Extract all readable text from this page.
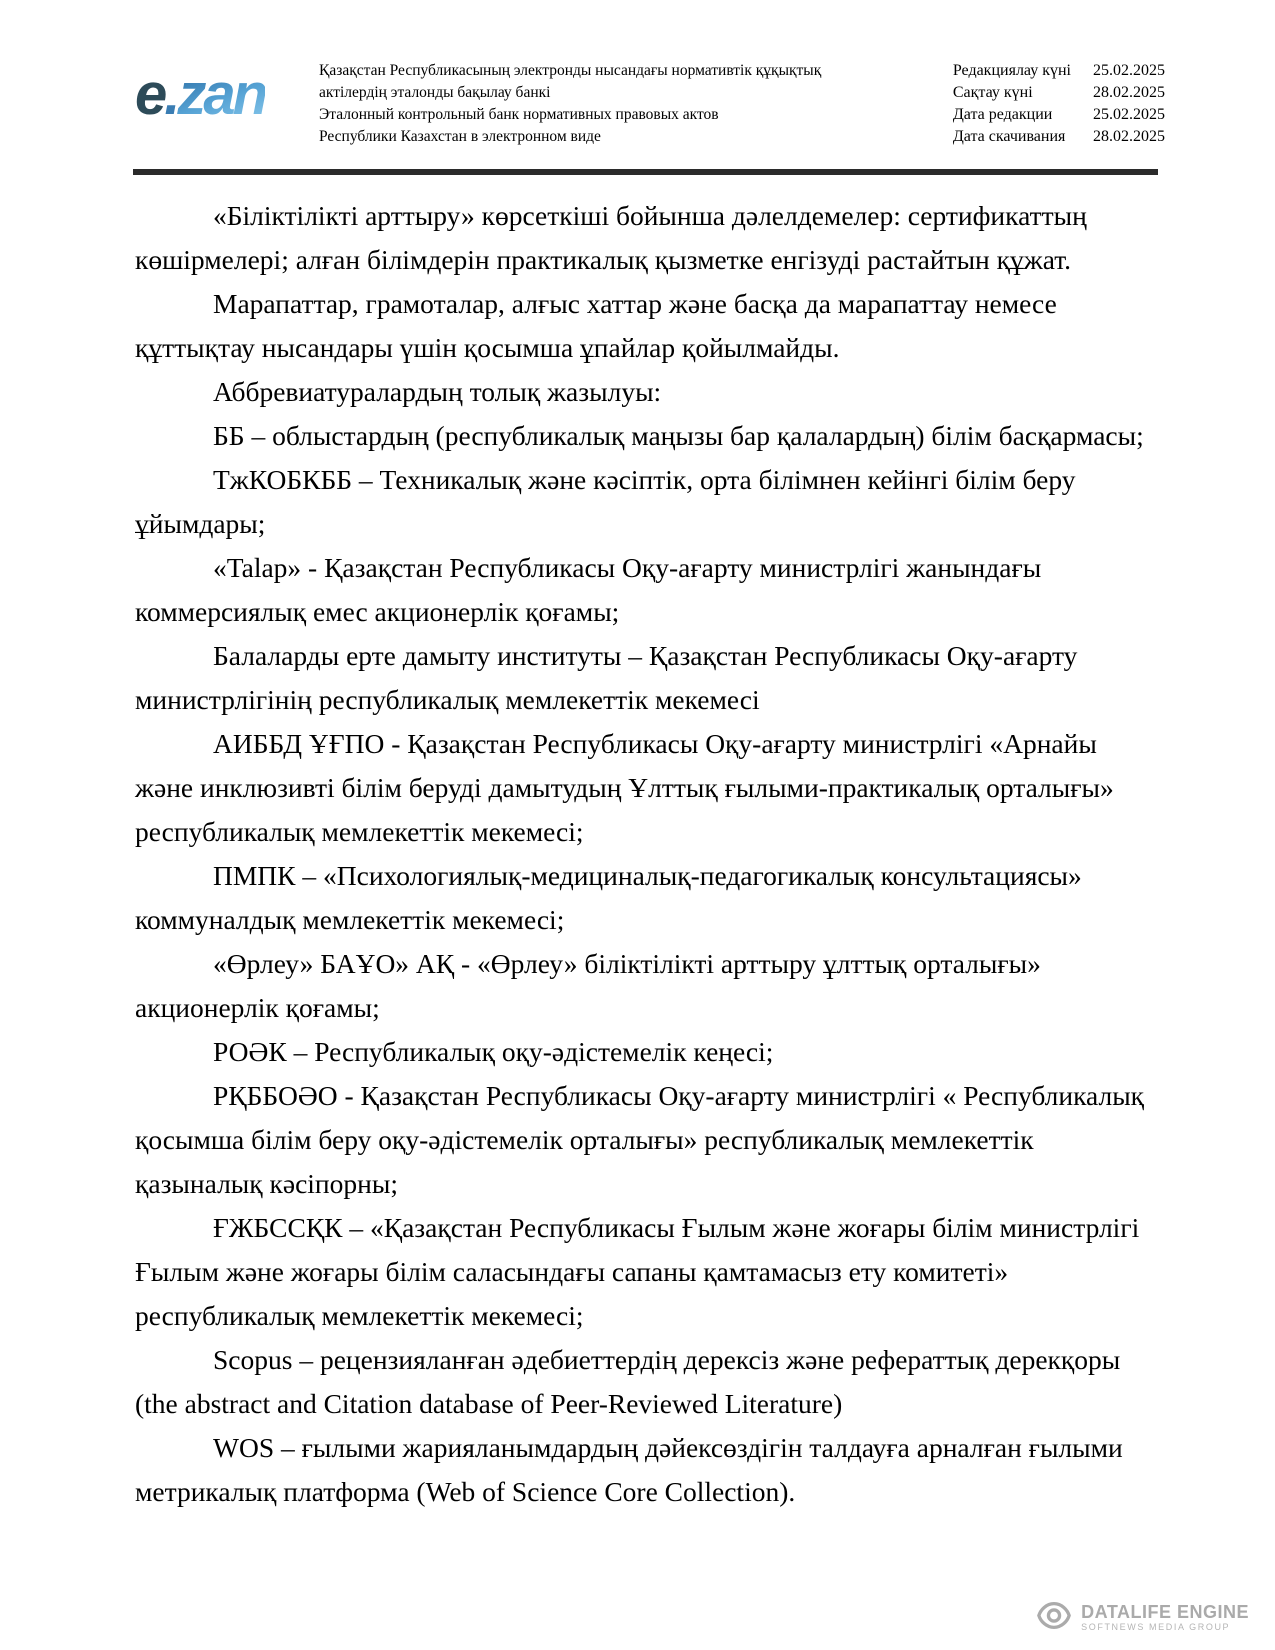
e.zan	Қазақстан Республикасының электронды нысандағы нормативтік құқықтық
актілердің эталонды бақылау банкі
Эталонный контрольный банк нормативных правовых актов
Республики Казахстан в электронном виде
Редакциялау күні 25.02.2025
Сақтау күні	28.02.2025
Дата редакции	25.02.2025
Дата скачивания	28.02.2025

«Біліктілікті арттыру» көрсеткіші бойынша дәлелдемелер: сертификаттың көшірмелері; алған білімдерін практикалық қызметке енгізуді растайтын құжат.

Марапаттар, грамоталар, алғыс хаттар және басқа да марапаттау немесе құттықтау нысандары үшін қосымша ұпайлар қойылмайды.

Аббревиатуралардың толық жазылуы:

ББ – облыстардың (республикалық маңызы бар қалалардың) білім басқармасы;

ТжКОБКББ – Техникалық және кәсіптік, орта білімнен кейінгі білім беру ұйымдары;

«Talap» - Қазақстан Республикасы Оқу-ағарту министрлігі жанындағы коммерсиялық емес акционерлік қоғамы;

Балаларды ерте дамыту институты – Қазақстан Республикасы Оқу-ағарту министрлігінің республикалық мемлекеттік мекемесі

АИББД ҰҒПО - Қазақстан Республикасы Оқу-ағарту министрлігі «Арнайы және инклюзивті білім беруді дамытудың Ұлттық ғылыми-практикалық орталығы» республикалық мемлекеттік мекемесі;

ПМПК – «Психологиялық-медициналық-педагогикалық консультациясы» коммуналдық мемлекеттік мекемесі;

«Өрлеу» БАҰО» АҚ - «Өрлеу» біліктілікті арттыру ұлттық орталығы» акционерлік қоғамы;

РОӘК – Республикалық оқу-әдістемелік кеңесі;

РҚББОӘО - Қазақстан Республикасы Оқу-ағарту министрлігі « Республикалық қосымша білім беру оқу-әдістемелік орталығы» республикалық мемлекеттік қазыналық кәсіпорны;

ҒЖБССҚК – «Қазақстан Республикасы Ғылым және жоғары білім министрлігі Ғылым және жоғары білім саласындағы сапаны қамтамасыз ету комитеті» республикалық мемлекеттік мекемесі;

Scopus – рецензияланған әдебиеттердің дерексіз және рефераттық дерекқоры (the abstract and Citation database of Peer-Reviewed Literature)

WOS – ғылыми жарияланымдардың дәйексөздігін талдауға арналған ғылыми метрикалық платформа (Web of Science Core Collection).

DATALIFE ENGINE
SOFTNEWS MEDIA GROUP
